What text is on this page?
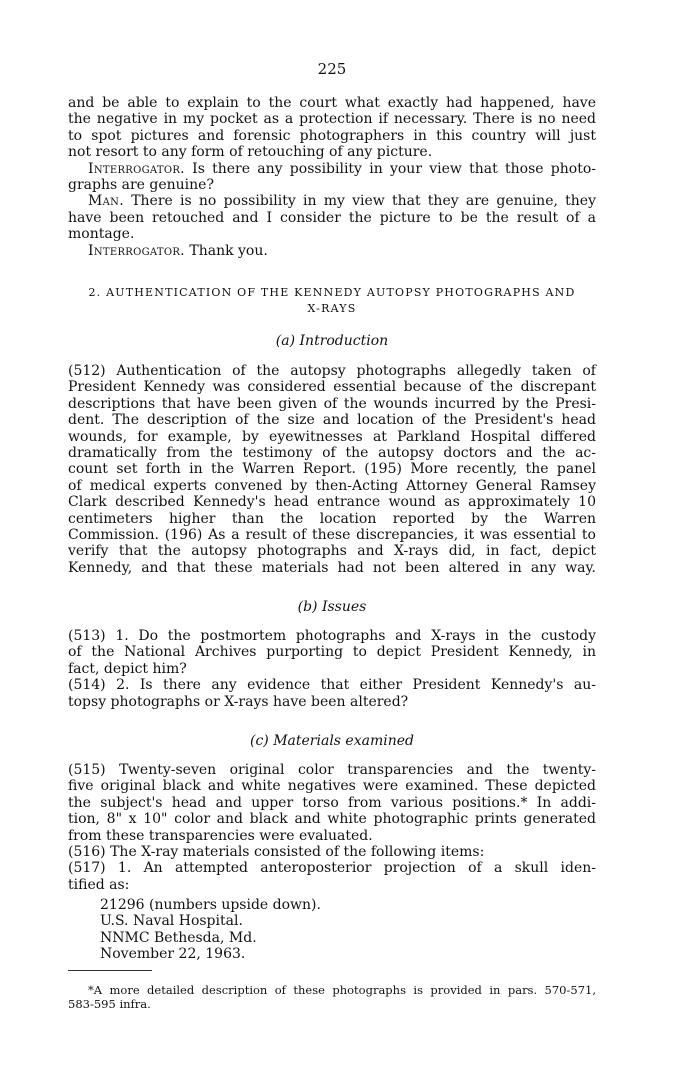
225
and be able to explain to the court what exactly had happened, have
the negative in my pocket as a protection if necessary. There is no need
to spot pictures and forensic photographers in this country will just
not resort to any form of retouching of any picture.
Interrogator. Is there any possibility in your view that those photo-
graphs are genuine?
Man. There is no possibility in my view that they are genuine, they
have been retouched and I consider the picture to be the result of a
montage.
Interrogator. Thank you.
2. AUTHENTICATION OF THE KENNEDY AUTOPSY PHOTOGRAPHS AND
X-RAYS
(a) Introduction
(512) Authentication of the autopsy photographs allegedly taken of
President Kennedy was considered essential because of the discrepant
descriptions that have been given of the wounds incurred by the Presi-
dent. The description of the size and location of the President's head
wounds, for example, by eyewitnesses at Parkland Hospital differed
dramatically from the testimony of the autopsy doctors and the ac-
count set forth in the Warren Report. (195) More recently, the panel
of medical experts convened by then-Acting Attorney General Ramsey
Clark described Kennedy's head entrance wound as approximately 10
centimeters higher than the location reported by the Warren
Commission. (196) As a result of these discrepancies, it was essential to
verify that the autopsy photographs and X-rays did, in fact, depict
Kennedy, and that these materials had not been altered in any way.
(b) Issues
(513) 1. Do the postmortem photographs and X-rays in the custody
of the National Archives purporting to depict President Kennedy, in
fact, depict him?
(514) 2. Is there any evidence that either President Kennedy's au-
topsy photographs or X-rays have been altered?
(c) Materials examined
(515) Twenty-seven original color transparencies and the twenty-
five original black and white negatives were examined. These depicted
the subject's head and upper torso from various positions.* In addi-
tion, 8" x 10" color and black and white photographic prints generated
from these transparencies were evaluated.
(516) The X-ray materials consisted of the following items:
(517) 1. An attempted anteroposterior projection of a skull iden-
tified as:
21296 (numbers upside down).
U.S. Naval Hospital.
NNMC Bethesda, Md.
November 22, 1963.
*A more detailed description of these photographs is provided in pars. 570-571,
583-595 infra.
